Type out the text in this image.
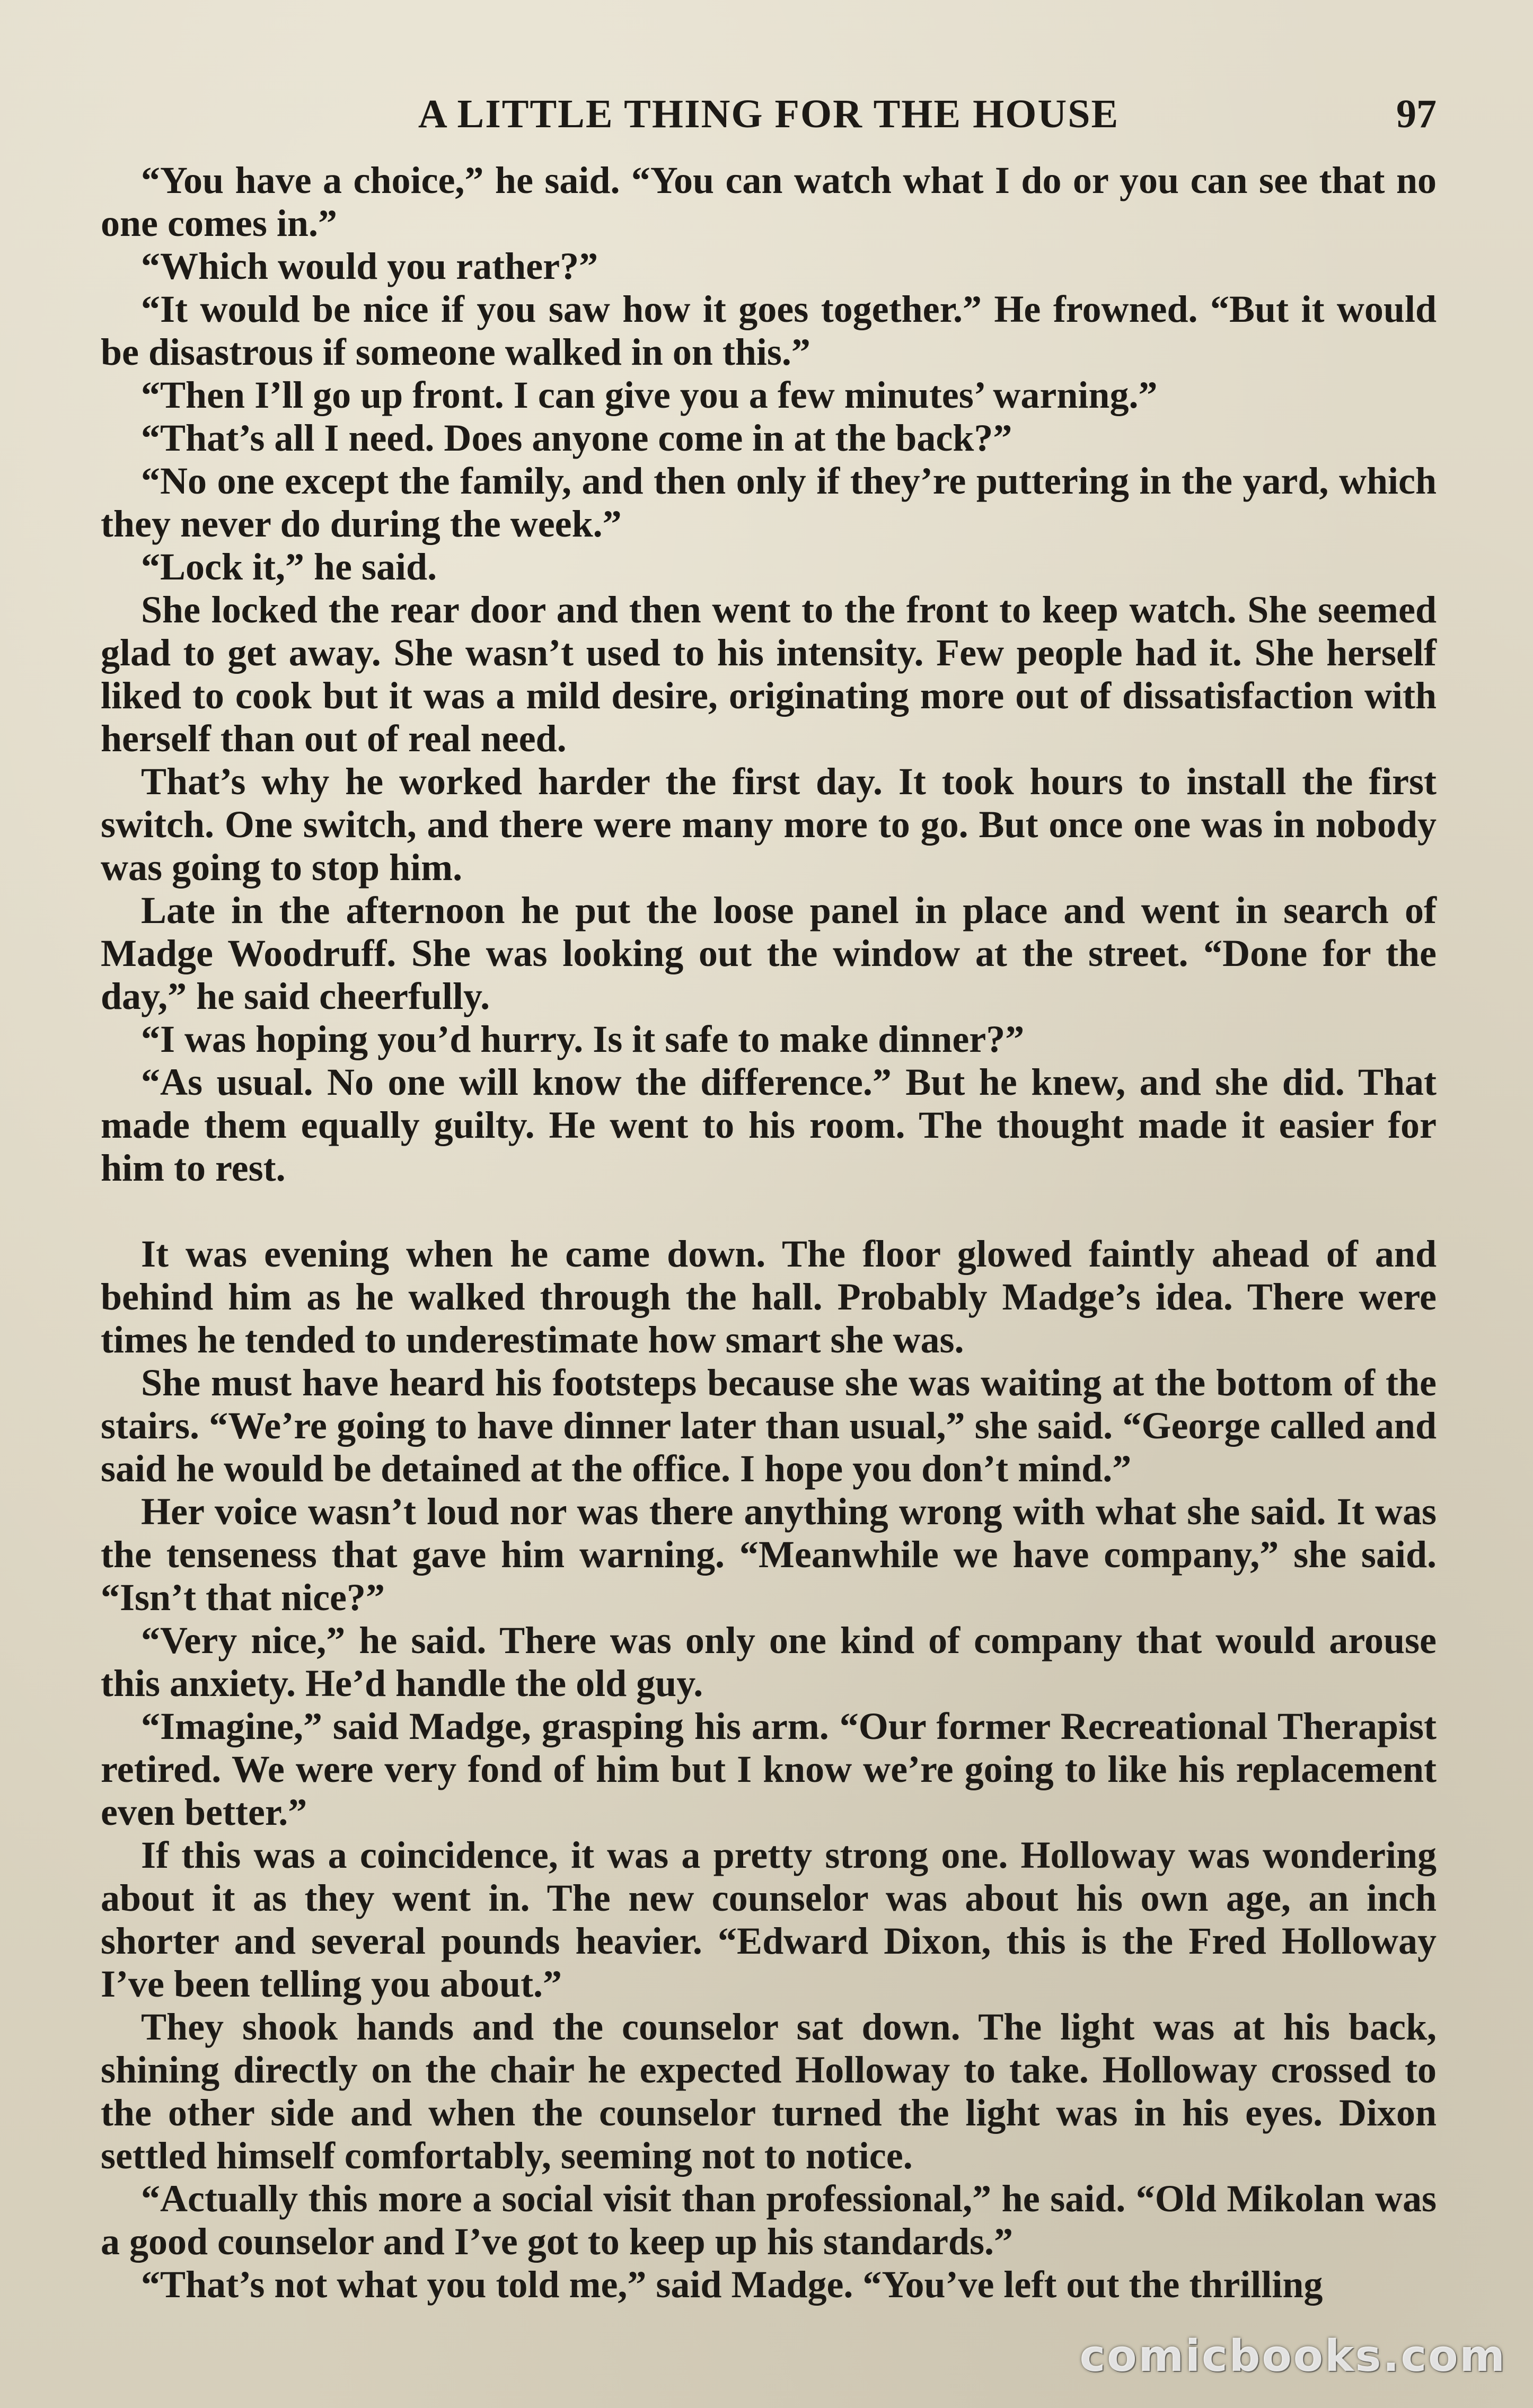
A LITTLE THING FOR THE HOUSE	97

“You have a choice,” he said. “You can watch what I do or you can see that no one comes in.”

“Which would you rather?”

“It would be nice if you saw how it goes together.” He frowned. “But it would be disastrous if someone walked in on this.”

“Then I’ll go up front. I can give you a few minutes’ warning.”

“That’s all I need. Does anyone come in at the back?”

“No one except the family, and then only if they’re puttering in the yard, which they never do during the week.”

“Lock it,” he said.

She locked the rear door and then went to the front to keep watch. She seemed glad to get away. She wasn’t used to his intensity. Few people had it. She herself liked to cook but it was a mild desire, originating more out of dissatisfaction with herself than out of real need.

That’s why he worked harder the first day. It took hours to install the first switch. One switch, and there were many more to go. But once one was in nobody was going to stop him.

Late in the afternoon he put the loose panel in place and went in search of Madge Woodruff. She was looking out the window at the street. “Done for the day,” he said cheerfully.

“I was hoping you’d hurry. Is it safe to make dinner?”

“As usual. No one will know the difference.” But he knew, and she did. That made them equally guilty. He went to his room. The thought made it easier for him to rest.

It was evening when he came down. The floor glowed faintly ahead of and behind him as he walked through the hall. Probably Madge’s idea. There were times he tended to underestimate how smart she was.

She must have heard his footsteps because she was waiting at the bottom of the stairs. “We’re going to have dinner later than usual,” she said. “George called and said he would be detained at the office. I hope you don’t mind.”

Her voice wasn’t loud nor was there anything wrong with what she said. It was the tenseness that gave him warning. “Meanwhile we have company,” she said. “Isn’t that nice?”

“Very nice,” he said. There was only one kind of company that would arouse this anxiety. He’d handle the old guy.

“Imagine,” said Madge, grasping his arm. “Our former Recreational Therapist retired. We were very fond of him but I know we’re going to like his replacement even better.”

If this was a coincidence, it was a pretty strong one. Holloway was wondering about it as they went in. The new counselor was about his own age, an inch shorter and several pounds heavier. “Edward Dixon, this is the Fred Holloway I’ve been telling you about.”

They shook hands and the counselor sat down. The light was at his back, shining directly on the chair he expected Holloway to take. Holloway crossed to the other side and when the counselor turned the light was in his eyes. Dixon settled himself comfortably, seeming not to notice.

“Actually this more a social visit than professional,” he said. “Old Mikolan was a good counselor and I’ve got to keep up his standards.”

“That’s not what you told me,” said Madge. “You’ve left out the thrilling

comicbooks.com
